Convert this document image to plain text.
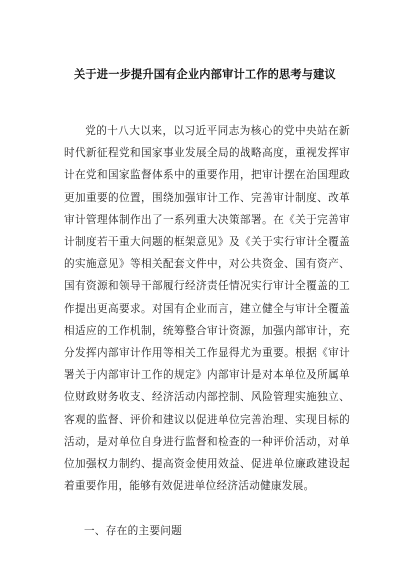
关于进一步提升国有企业内部审计工作的思考与建议

党的十八大以来，以习近平同志为核心的党中央站在新时代新征程党和国家事业发展全局的战略高度，重视发挥审计在党和国家监督体系中的重要作用，把审计摆在治国理政更加重要的位置，围绕加强审计工作、完善审计制度、改革审计管理体制作出了一系列重大决策部署。在《关于完善审计制度若干重大问题的框架意见》及《关于实行审计全覆盖的实施意见》等相关配套文件中，对公共资金、国有资产、国有资源和领导干部履行经济责任情况实行审计全覆盖的工作提出更高要求。对国有企业而言，建立健全与审计全覆盖相适应的工作机制，统筹整合审计资源，加强内部审计，充分发挥内部审计作用等相关工作显得尤为重要。根据《审计署关于内部审计工作的规定》内部审计是对本单位及所属单位财政财务收支、经济活动内部控制、风险管理实施独立、客观的监督、评价和建议以促进单位完善治理、实现目标的活动，是对单位自身进行监督和检查的一种评价活动，对单位加强权力制约、提高资金使用效益、促进单位廉政建设起着重要作用，能够有效促进单位经济活动健康发展。

一、存在的主要问题
